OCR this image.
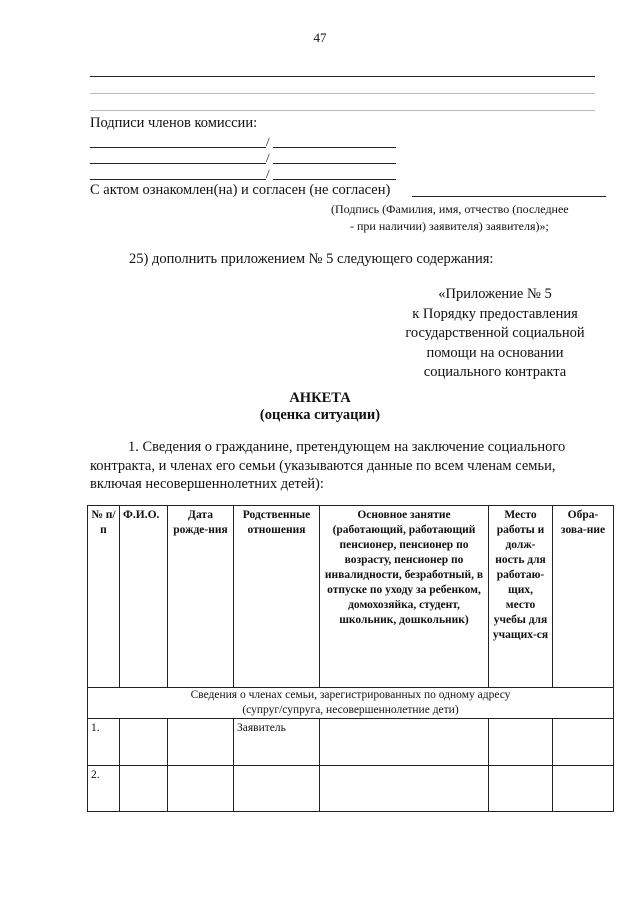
47
Подписи членов комиссии:
/
/
/
С актом ознакомлен(на) и согласен (не согласен)
(Подпись (Фамилия, имя, отчество (последнее
- при наличии) заявителя) заявителя)»;
25) дополнить приложением № 5 следующего содержания:
«Приложение № 5
к Порядку предоставления
государственной социальной
помощи на основании
социального контракта
АНКЕТА
(оценка ситуации)
1. Сведения о гражданине, претендующем на заключение социального
контракта, и членах его семьи (указываются данные по всем членам семьи,
включая несовершеннолетних детей):
№ п/п	Ф.И.О.	Дата рожде-ния	Родственные отношения	Основное занятие (работающий, работающий пенсионер, пенсионер по возрасту, пенсионер по инвалидности, безработный, в отпуске по уходу за ребенком, домохозяйка, студент, школьник, дошкольник)	Место работы и долж-ность для работаю-щих, место учебы для учащих-ся	Обра-зова-ние

Сведения о членах семьи, зарегистрированных по одному адресу
(супруг/супруга, несовершеннолетние дети)						

1.			Заявитель			
2.						
